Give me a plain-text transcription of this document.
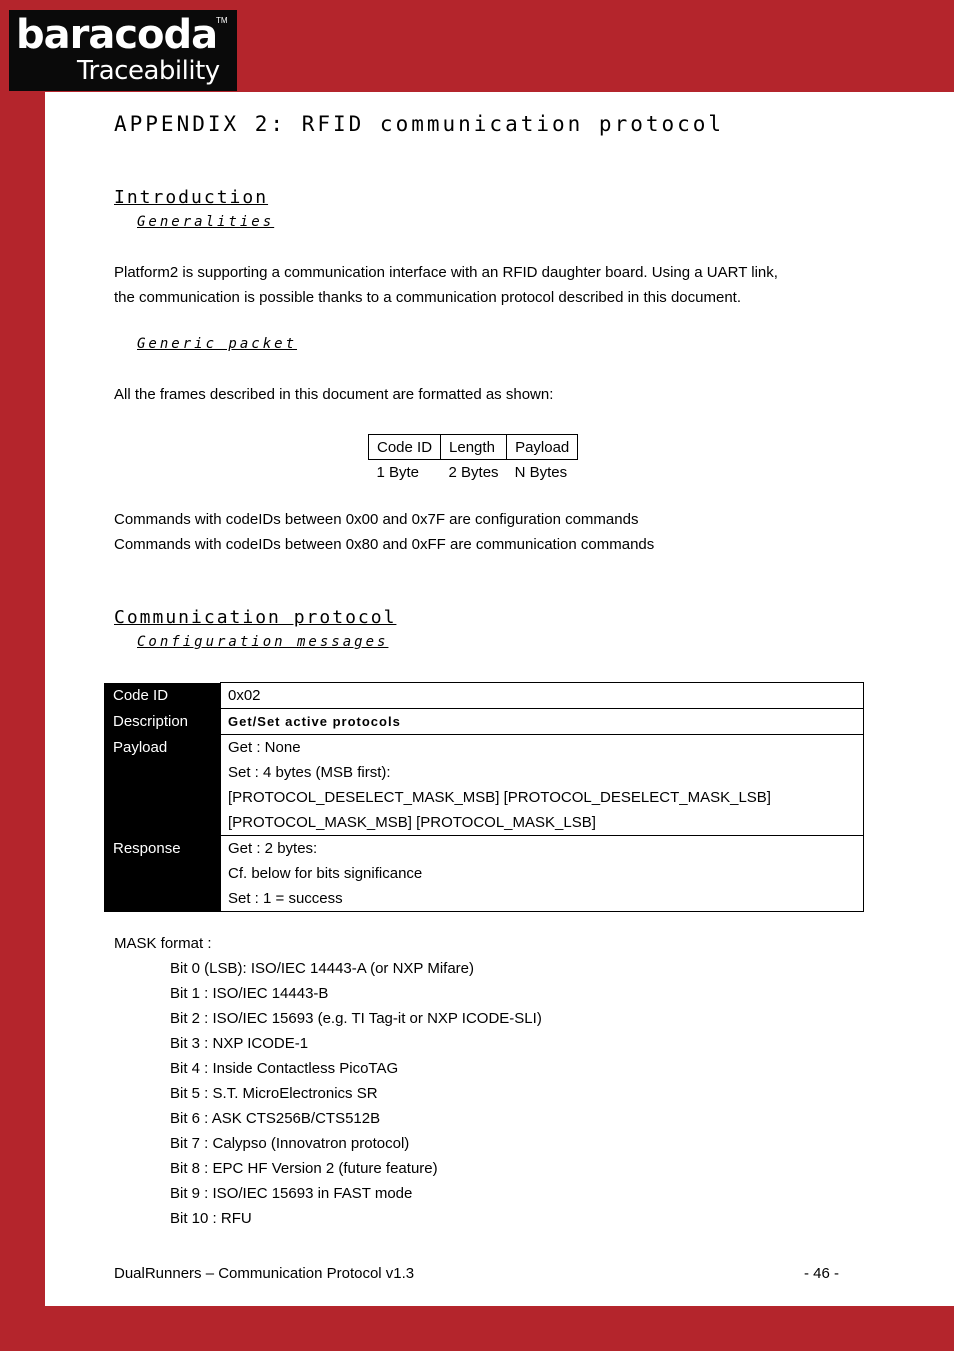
baracoda
TM
Traceability
APPENDIX 2: RFID communication protocol
Introduction
Generalities

Platform2 is supporting a communication interface with an RFID daughter board. Using a UART link,

the communication is possible thanks to a communication protocol described in this document.

Generic packet

All the frames described in this document are formatted as shown:

Code ID	Length	Payload
1 Byte	2 Bytes	N Bytes

Commands with codeIDs between 0x00 and 0x7F are configuration commands

Commands with codeIDs between 0x80 and 0xFF are communication commands

Communication protocol
Configuration messages
Code ID	0x02
Description	Get/Set active protocols
Payload	Get : None
Set : 4 bytes (MSB first):
[PROTOCOL_DESELECT_MASK_MSB] [PROTOCOL_DESELECT_MASK_LSB]
[PROTOCOL_MASK_MSB] [PROTOCOL_MASK_LSB]

Response	Get : 2 bytes:
Cf. below for bits significance
Set : 1 = success

MASK format :

Bit 0 (LSB): ISO/IEC 14443-A (or NXP Mifare)
Bit 1 : ISO/IEC 14443-B
Bit 2 : ISO/IEC 15693 (e.g. TI Tag-it or NXP ICODE-SLI)
Bit 3 : NXP ICODE-1
Bit 4 : Inside Contactless PicoTAG
Bit 5 : S.T. MicroElectronics SR
Bit 6 : ASK CTS256B/CTS512B
Bit 7 : Calypso (Innovatron protocol)
Bit 8 : EPC HF Version 2 (future feature)
Bit 9 : ISO/IEC 15693 in FAST mode
Bit 10 : RFU

DualRunners – Communication Protocol v1.3	- 46 -
